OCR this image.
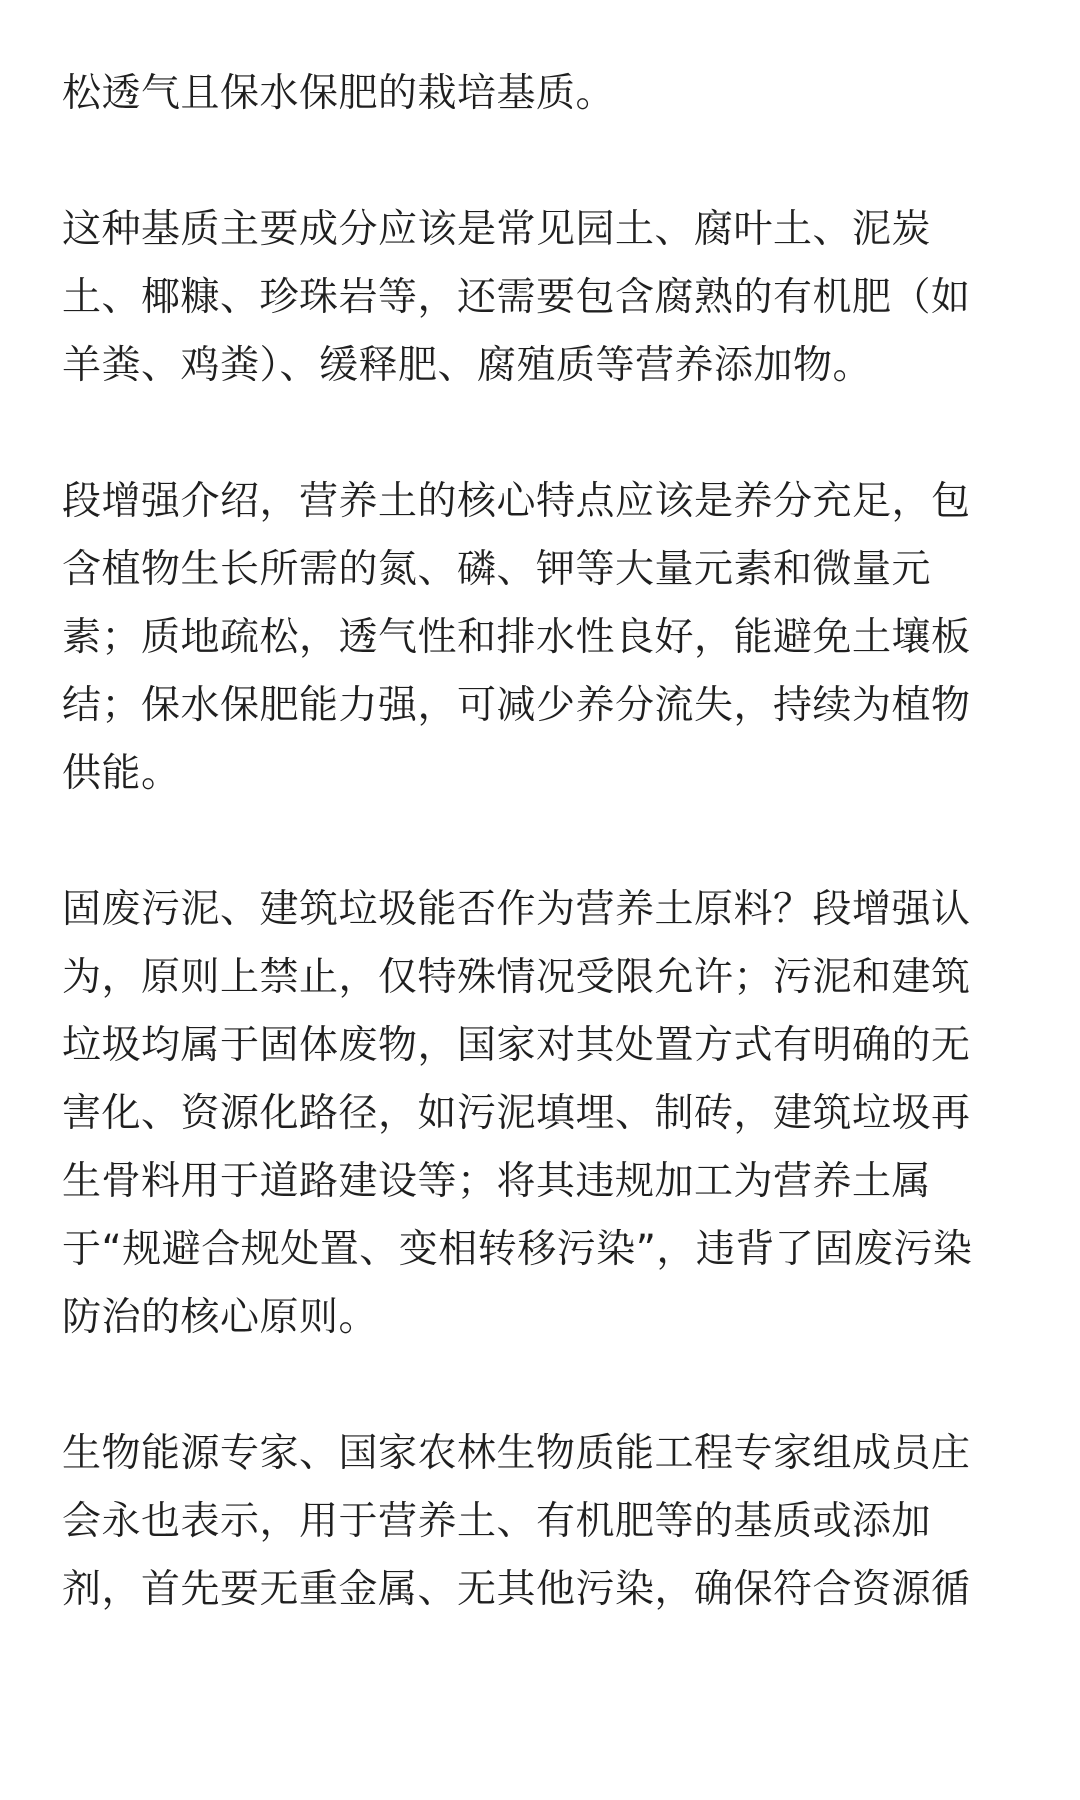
松透气且保水保肥的栽培基质。

这种基质主要成分应该是常见园土、腐叶土、泥炭
土、椰糠、珍珠岩等，还需要包含腐熟的有机肥（如
羊粪、鸡粪）、缓释肥、腐殖质等营养添加物。

段增强介绍，营养土的核心特点应该是养分充足，包
含植物生长所需的氮、磷、钾等大量元素和微量元
素；质地疏松，透气性和排水性良好，能避免土壤板
结；保水保肥能力强，可减少养分流失，持续为植物
供能。

固废污泥、建筑垃圾能否作为营养土原料？段增强认
为，原则上禁止，仅特殊情况受限允许；污泥和建筑
垃圾均属于固体废物，国家对其处置方式有明确的无
害化、资源化路径，如污泥填埋、制砖，建筑垃圾再
生骨料用于道路建设等；将其违规加工为营养土属
于“规避合规处置、变相转移污染”，违背了固废污染
防治的核心原则。

生物能源专家、国家农林生物质能工程专家组成员庄
会永也表示，用于营养土、有机肥等的基质或添加
剂，首先要无重金属、无其他污染，确保符合资源循
